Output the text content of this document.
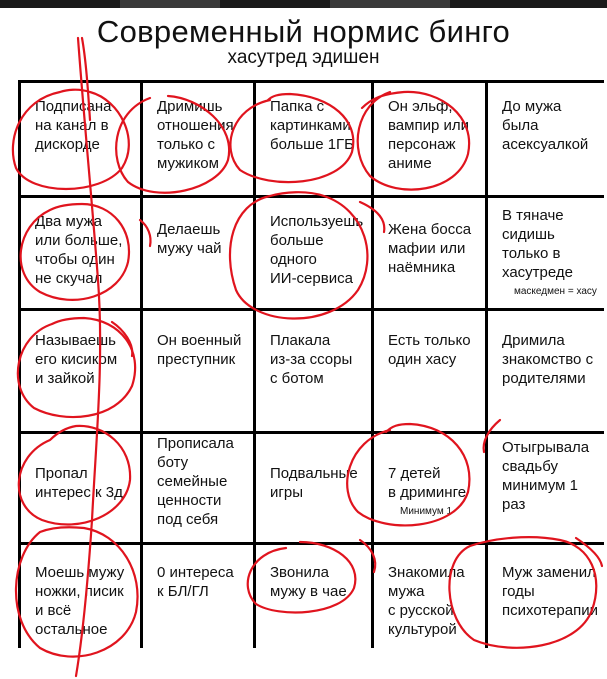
Современный нормис бинго
хасутред эдишен
Подписана
на канал в
дискорде
Дримишь
отношения
только с
мужиком
Папка с
картинками
больше 1ГБ
Он эльф,
вампир или
персонаж
аниме
До мужа
была
асексуалкой
Два мужа
или больше,
чтобы один
не скучал
Делаешь
мужу чай
Используешь
больше
одного
ИИ-сервиса
Жена босса
мафии или
наёмника
В тяначе
сидишь
только в
хасутреде
маскедмен = хасу
Называешь
его кисиком
и зайкой
Он военный
преступник
Плакала
из-за ссоры
с ботом
Есть только
один хасу
Дримила
знакомство с
родителями
Пропал
интерес к 3д
Прописала
боту
семейные
ценности
под себя
Подвальные
игры
7 детей
в дриминге
Минимум 1
Отыгрывала
свадьбу
минимум 1
раз
Моешь мужу
ножки, писик
и всё
остальное
0 интереса
к БЛ/ГЛ
Звонила
мужу в чае
Знакомила
мужа
с русской
культурой
Муж заменил
годы
психотерапии
